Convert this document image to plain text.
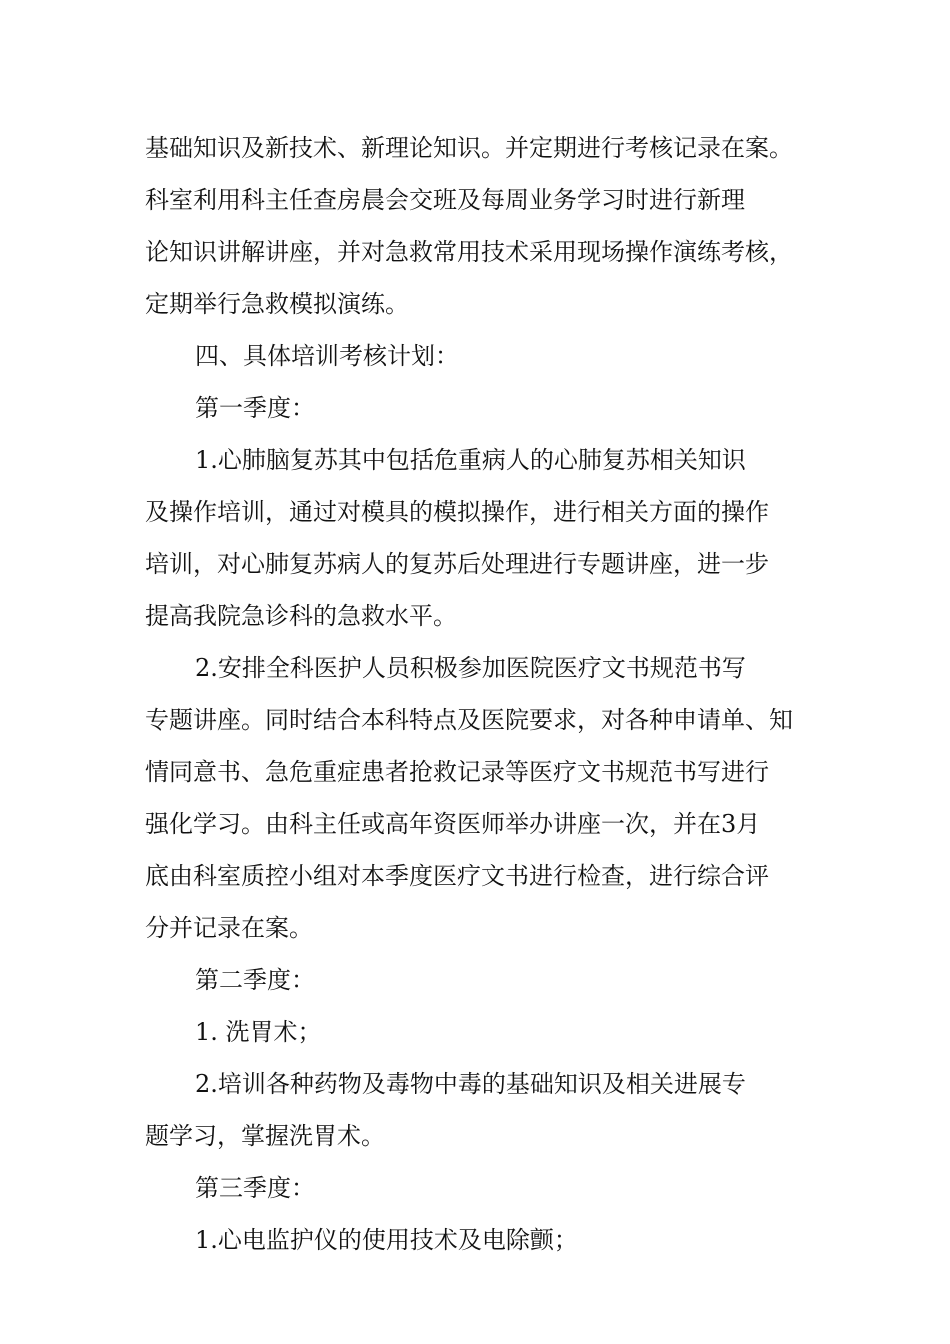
基础知识及新技术、新理论知识。并定期进行考核记录在案。
科室利用科主任查房晨会交班及每周业务学习时进行新理
论知识讲解讲座，并对急救常用技术采用现场操作演练考核，
定期举行急救模拟演练。
四、具体培训考核计划：
第一季度：
1.心肺脑复苏其中包括危重病人的心肺复苏相关知识
及操作培训，通过对模具的模拟操作，进行相关方面的操作
培训，对心肺复苏病人的复苏后处理进行专题讲座，进一步
提高我院急诊科的急救水平。
2.安排全科医护人员积极参加医院医疗文书规范书写
专题讲座。同时结合本科特点及医院要求，对各种申请单、知
情同意书、急危重症患者抢救记录等医疗文书规范书写进行
强化学习。由科主任或高年资医师举办讲座一次，并在3月
底由科室质控小组对本季度医疗文书进行检查，进行综合评
分并记录在案。
第二季度：
1. 洗胃术；
2.培训各种药物及毒物中毒的基础知识及相关进展专
题学习，掌握洗胃术。
第三季度：
1.心电监护仪的使用技术及电除颤；
